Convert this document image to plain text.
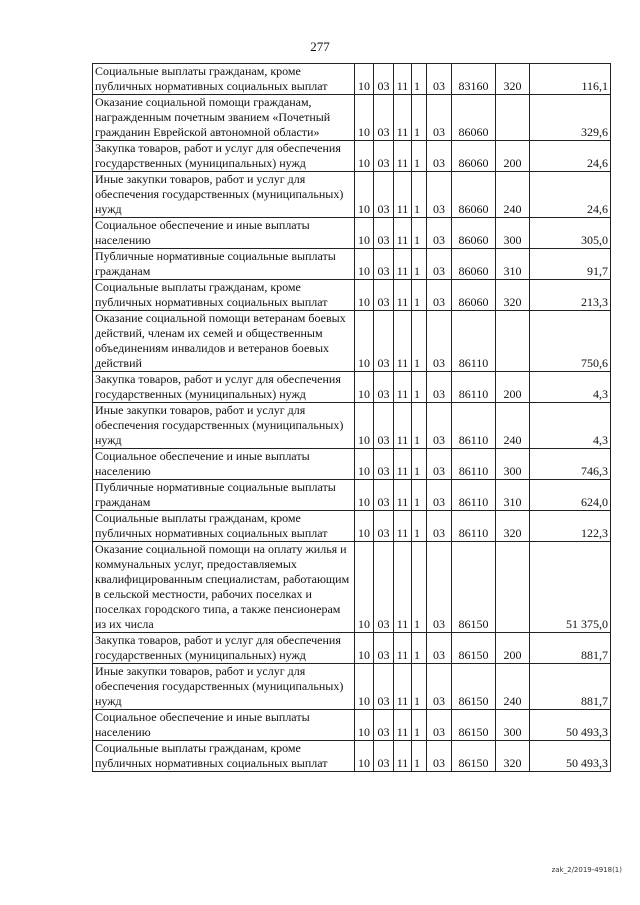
277
Социальные выплаты гражданам, кроме публичных нормативных социальных выплат	10	03	11	1	03	83160	320	116,1
Оказание социальной помощи гражданам, награжденным почетным званием «Почетный гражданин Еврейской автономной области»	10	03	11	1	03	86060		329,6
Закупка товаров, работ и услуг для обеспечения государственных (муниципальных) нужд	10	03	11	1	03	86060	200	24,6
Иные закупки товаров, работ и услуг для обеспечения государственных (муниципальных) нужд	10	03	11	1	03	86060	240	24,6
Социальное обеспечение и иные выплаты населению	10	03	11	1	03	86060	300	305,0
Публичные нормативные социальные выплаты гражданам	10	03	11	1	03	86060	310	91,7
Социальные выплаты гражданам, кроме публичных нормативных социальных выплат	10	03	11	1	03	86060	320	213,3
Оказание социальной помощи ветеранам боевых действий, членам их семей и общественным объединениям инвалидов и ветеранов боевых действий	10	03	11	1	03	86110		750,6
Закупка товаров, работ и услуг для обеспечения государственных (муниципальных) нужд	10	03	11	1	03	86110	200	4,3
Иные закупки товаров, работ и услуг для обеспечения государственных (муниципальных) нужд	10	03	11	1	03	86110	240	4,3
Социальное обеспечение и иные выплаты населению	10	03	11	1	03	86110	300	746,3
Публичные нормативные социальные выплаты гражданам	10	03	11	1	03	86110	310	624,0
Социальные выплаты гражданам, кроме публичных нормативных социальных выплат	10	03	11	1	03	86110	320	122,3
Оказание социальной помощи на оплату жилья и коммунальных услуг, предоставляемых квалифицированным специалистам, работающим в сельской местности, рабочих поселках и поселках городского типа, а также пенсионерам из их числа	10	03	11	1	03	86150		51 375,0
Закупка товаров, работ и услуг для обеспечения государственных (муниципальных) нужд	10	03	11	1	03	86150	200	881,7
Иные закупки товаров, работ и услуг для обеспечения государственных (муниципальных) нужд	10	03	11	1	03	86150	240	881,7
Социальное обеспечение и иные выплаты населению	10	03	11	1	03	86150	300	50 493,3
Социальные выплаты гражданам, кроме публичных нормативных социальных выплат	10	03	11	1	03	86150	320	50 493,3
zak_2/2019-4918(1)
